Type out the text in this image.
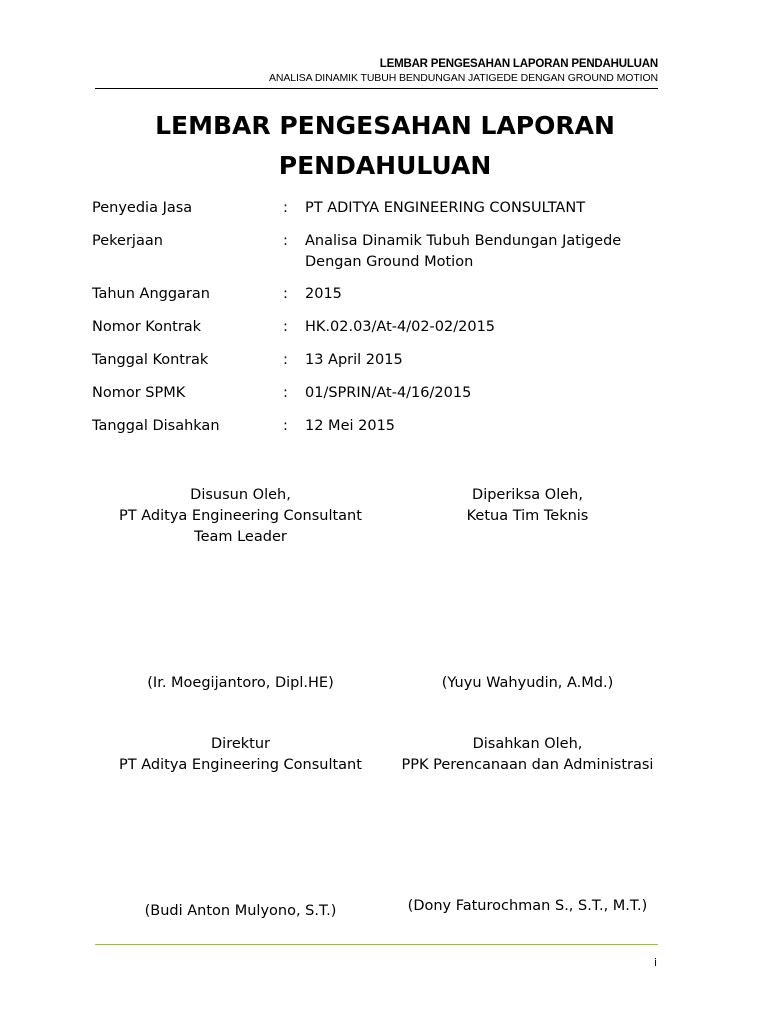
LEMBAR PENGESAHAN LAPORAN PENDAHULUAN
ANALISA DINAMIK TUBUH BENDUNGAN JATIGEDE DENGAN GROUND MOTION
LEMBAR PENGESAHAN LAPORAN
PENDAHULUAN
Penyedia Jasa	: PT ADITYA ENGINEERING CONSULTANT
Pekerjaan	: Analisa Dinamik Tubuh Bendungan Jatigede
Dengan Ground Motion
Tahun Anggaran	: 2015
Nomor Kontrak	: HK.02.03/At-4/02-02/2015
Tanggal Kontrak	: 13 April 2015
Nomor SPMK	: 01/SPRIN/At-4/16/2015
Tanggal Disahkan	: 12 Mei 2015
Disusun Oleh,
PT Aditya Engineering Consultant
Team Leader
(Ir. Moegijantoro, Dipl.HE)
Diperiksa Oleh,
Ketua Tim Teknis
(Yuyu Wahyudin, A.Md.)
Direktur
PT Aditya Engineering Consultant
(Budi Anton Mulyono, S.T.)
Disahkan Oleh,
PPK Perencanaan dan Administrasi
(Dony Faturochman S., S.T., M.T.)
i
